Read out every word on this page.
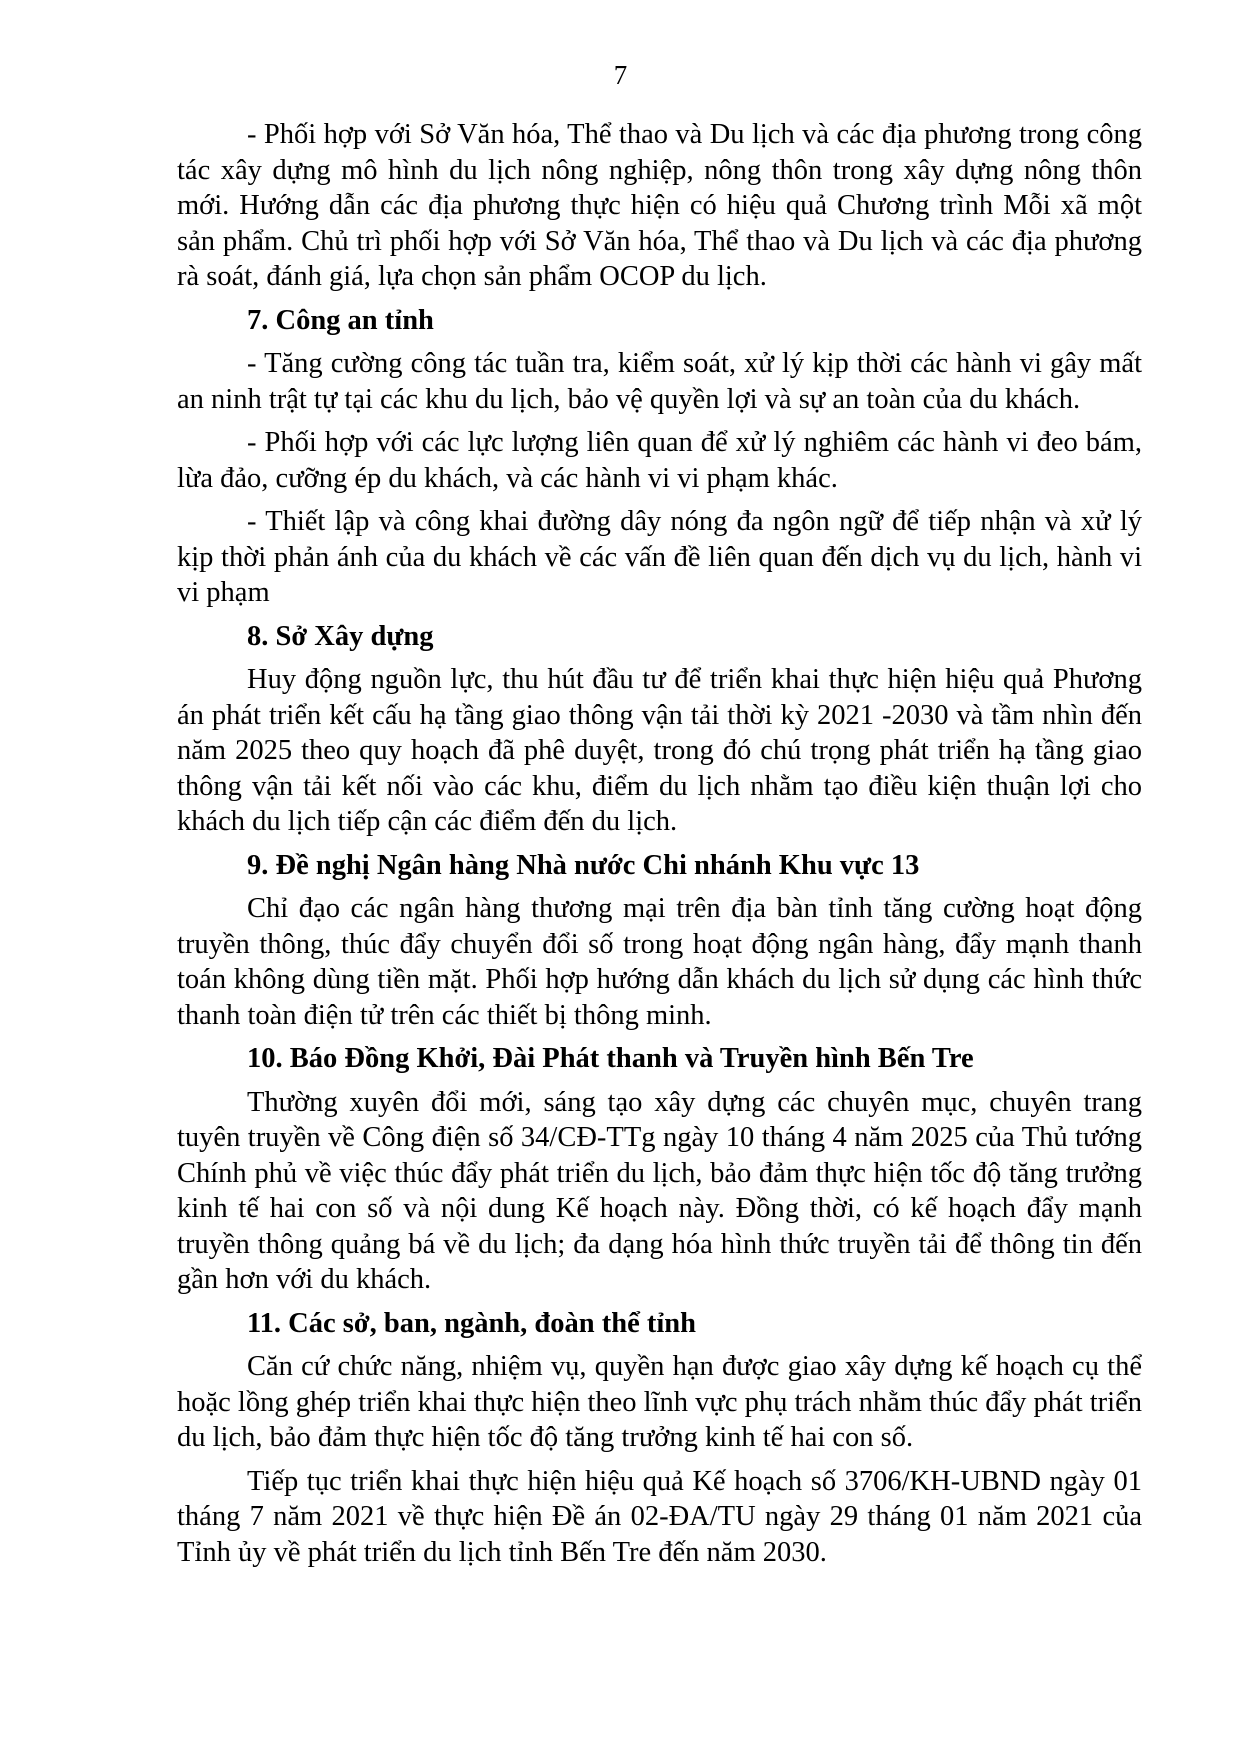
7

- Phối hợp với Sở Văn hóa, Thể thao và Du lịch và các địa phương trong công tác xây dựng mô hình du lịch nông nghiệp, nông thôn trong xây dựng nông thôn mới. Hướng dẫn các địa phương thực hiện có hiệu quả Chương trình Mỗi xã một sản phẩm. Chủ trì phối hợp với Sở Văn hóa, Thể thao và Du lịch và các địa phương rà soát, đánh giá, lựa chọn sản phẩm OCOP du lịch.

7. Công an tỉnh

- Tăng cường công tác tuần tra, kiểm soát, xử lý kịp thời các hành vi gây mất an ninh trật tự tại các khu du lịch, bảo vệ quyền lợi và sự an toàn của du khách.

- Phối hợp với các lực lượng liên quan để xử lý nghiêm các hành vi đeo bám, lừa đảo, cưỡng ép du khách, và các hành vi vi phạm khác.

- Thiết lập và công khai đường dây nóng đa ngôn ngữ để tiếp nhận và xử lý kịp thời phản ánh của du khách về các vấn đề liên quan đến dịch vụ du lịch, hành vi vi phạm

8. Sở Xây dựng

Huy động nguồn lực, thu hút đầu tư để triển khai thực hiện hiệu quả Phương án phát triển kết cấu hạ tầng giao thông vận tải thời kỳ 2021 -2030 và tầm nhìn đến năm 2025 theo quy hoạch đã phê duyệt, trong đó chú trọng phát triển hạ tầng giao thông vận tải kết nối vào các khu, điểm du lịch nhằm tạo điều kiện thuận lợi cho khách du lịch tiếp cận các điểm đến du lịch.

9. Đề nghị Ngân hàng Nhà nước Chi nhánh Khu vực 13

Chỉ đạo các ngân hàng thương mại trên địa bàn tỉnh tăng cường hoạt động truyền thông, thúc đẩy chuyển đổi số trong hoạt động ngân hàng, đẩy mạnh thanh toán không dùng tiền mặt. Phối hợp hướng dẫn khách du lịch sử dụng các hình thức thanh toàn điện tử trên các thiết bị thông minh.

10. Báo Đồng Khởi, Đài Phát thanh và Truyền hình Bến Tre

Thường xuyên đổi mới, sáng tạo xây dựng các chuyên mục, chuyên trang tuyên truyền về Công điện số 34/CĐ-TTg ngày 10 tháng 4 năm 2025 của Thủ tướng Chính phủ về việc thúc đẩy phát triển du lịch, bảo đảm thực hiện tốc độ tăng trưởng kinh tế hai con số và nội dung Kế hoạch này. Đồng thời, có kế hoạch đẩy mạnh truyền thông quảng bá về du lịch; đa dạng hóa hình thức truyền tải để thông tin đến gần hơn với du khách.

11. Các sở, ban, ngành, đoàn thể tỉnh

Căn cứ chức năng, nhiệm vụ, quyền hạn được giao xây dựng kế hoạch cụ thể hoặc lồng ghép triển khai thực hiện theo lĩnh vực phụ trách nhằm thúc đẩy phát triển du lịch, bảo đảm thực hiện tốc độ tăng trưởng kinh tế hai con số.

Tiếp tục triển khai thực hiện hiệu quả Kế hoạch số 3706/KH-UBND ngày 01 tháng 7 năm 2021 về thực hiện Đề án 02-ĐA/TU ngày 29 tháng 01 năm 2021 của Tỉnh ủy về phát triển du lịch tỉnh Bến Tre đến năm 2030.
